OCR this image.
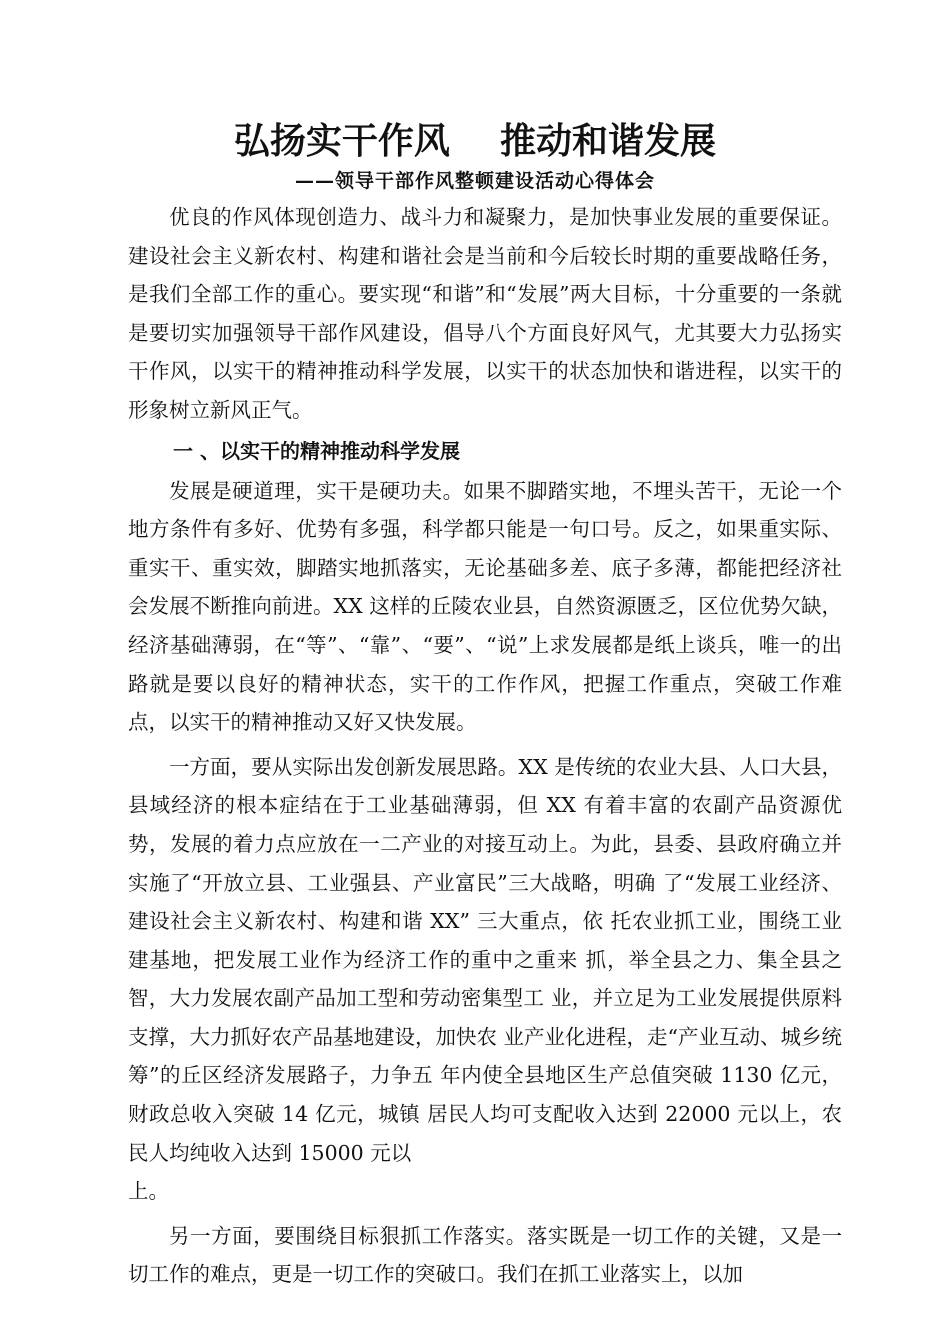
弘扬实干作风    推动和谐发展
——领导干部作风整顿建设活动心得体会

优良的作风体现创造力、战斗力和凝聚力，是加快事业发展的重要保证。建设社会主义新农村、构建和谐社会是当前和今后较长时期的重要战略任务，是我们全部工作的重心。要实现“和谐”和“发展”两大目标，十分重要的一条就是要切实加强领导干部作风建设，倡导八个方面良好风气，尤其要大力弘扬实干作风，以实干的精神推动科学发展，以实干的状态加快和谐进程，以实干的形象树立新风正气。

一 、以实干的精神推动科学发展

发展是硬道理，实干是硬功夫。如果不脚踏实地，不埋头苦干，无论一个地方条件有多好、优势有多强，科学都只能是一句口号。反之，如果重实际、重实干、重实效，脚踏实地抓落实，无论基础多差、底子多薄，都能把经济社会发展不断推向前进。XX 这样的丘陵农业县，自然资源匮乏，区位优势欠缺，经济基础薄弱，在“等”、“靠”、“要”、“说”上求发展都是纸上谈兵，唯一的出路就是要以良好的精神状态，实干的工作作风，把握工作重点，突破工作难点，以实干的精神推动又好又快发展。

一方面，要从实际出发创新发展思路。XX 是传统的农业大县、人口大县，县域经济的根本症结在于工业基础薄弱，但 XX 有着丰富的农副产品资源优势，发展的着力点应放在一二产业的对接互动上。为此，县委、县政府确立并实施了“开放立县、工业强县、产业富民”三大战略，明确 了“发展工业经济、建设社会主义新农村、构建和谐 XX” 三大重点，依 托农业抓工业，围绕工业建基地，把发展工业作为经济工作的重中之重来 抓，举全县之力、集全县之智，大力发展农副产品加工型和劳动密集型工 业，并立足为工业发展提供原料支撑，大力抓好农产品基地建设，加快农 业产业化进程，走“产业互动、城乡统筹”的丘区经济发展路子，力争五 年内使全县地区生产总值突破 1130 亿元，财政总收入突破 14 亿元，城镇 居民人均可支配收入达到 22000 元以上，农民人均纯收入达到 15000 元以

上。

另一方面，要围绕目标狠抓工作落实。落实既是一切工作的关键，又是一切工作的难点，更是一切工作的突破口。我们在抓工业落实上，以加
